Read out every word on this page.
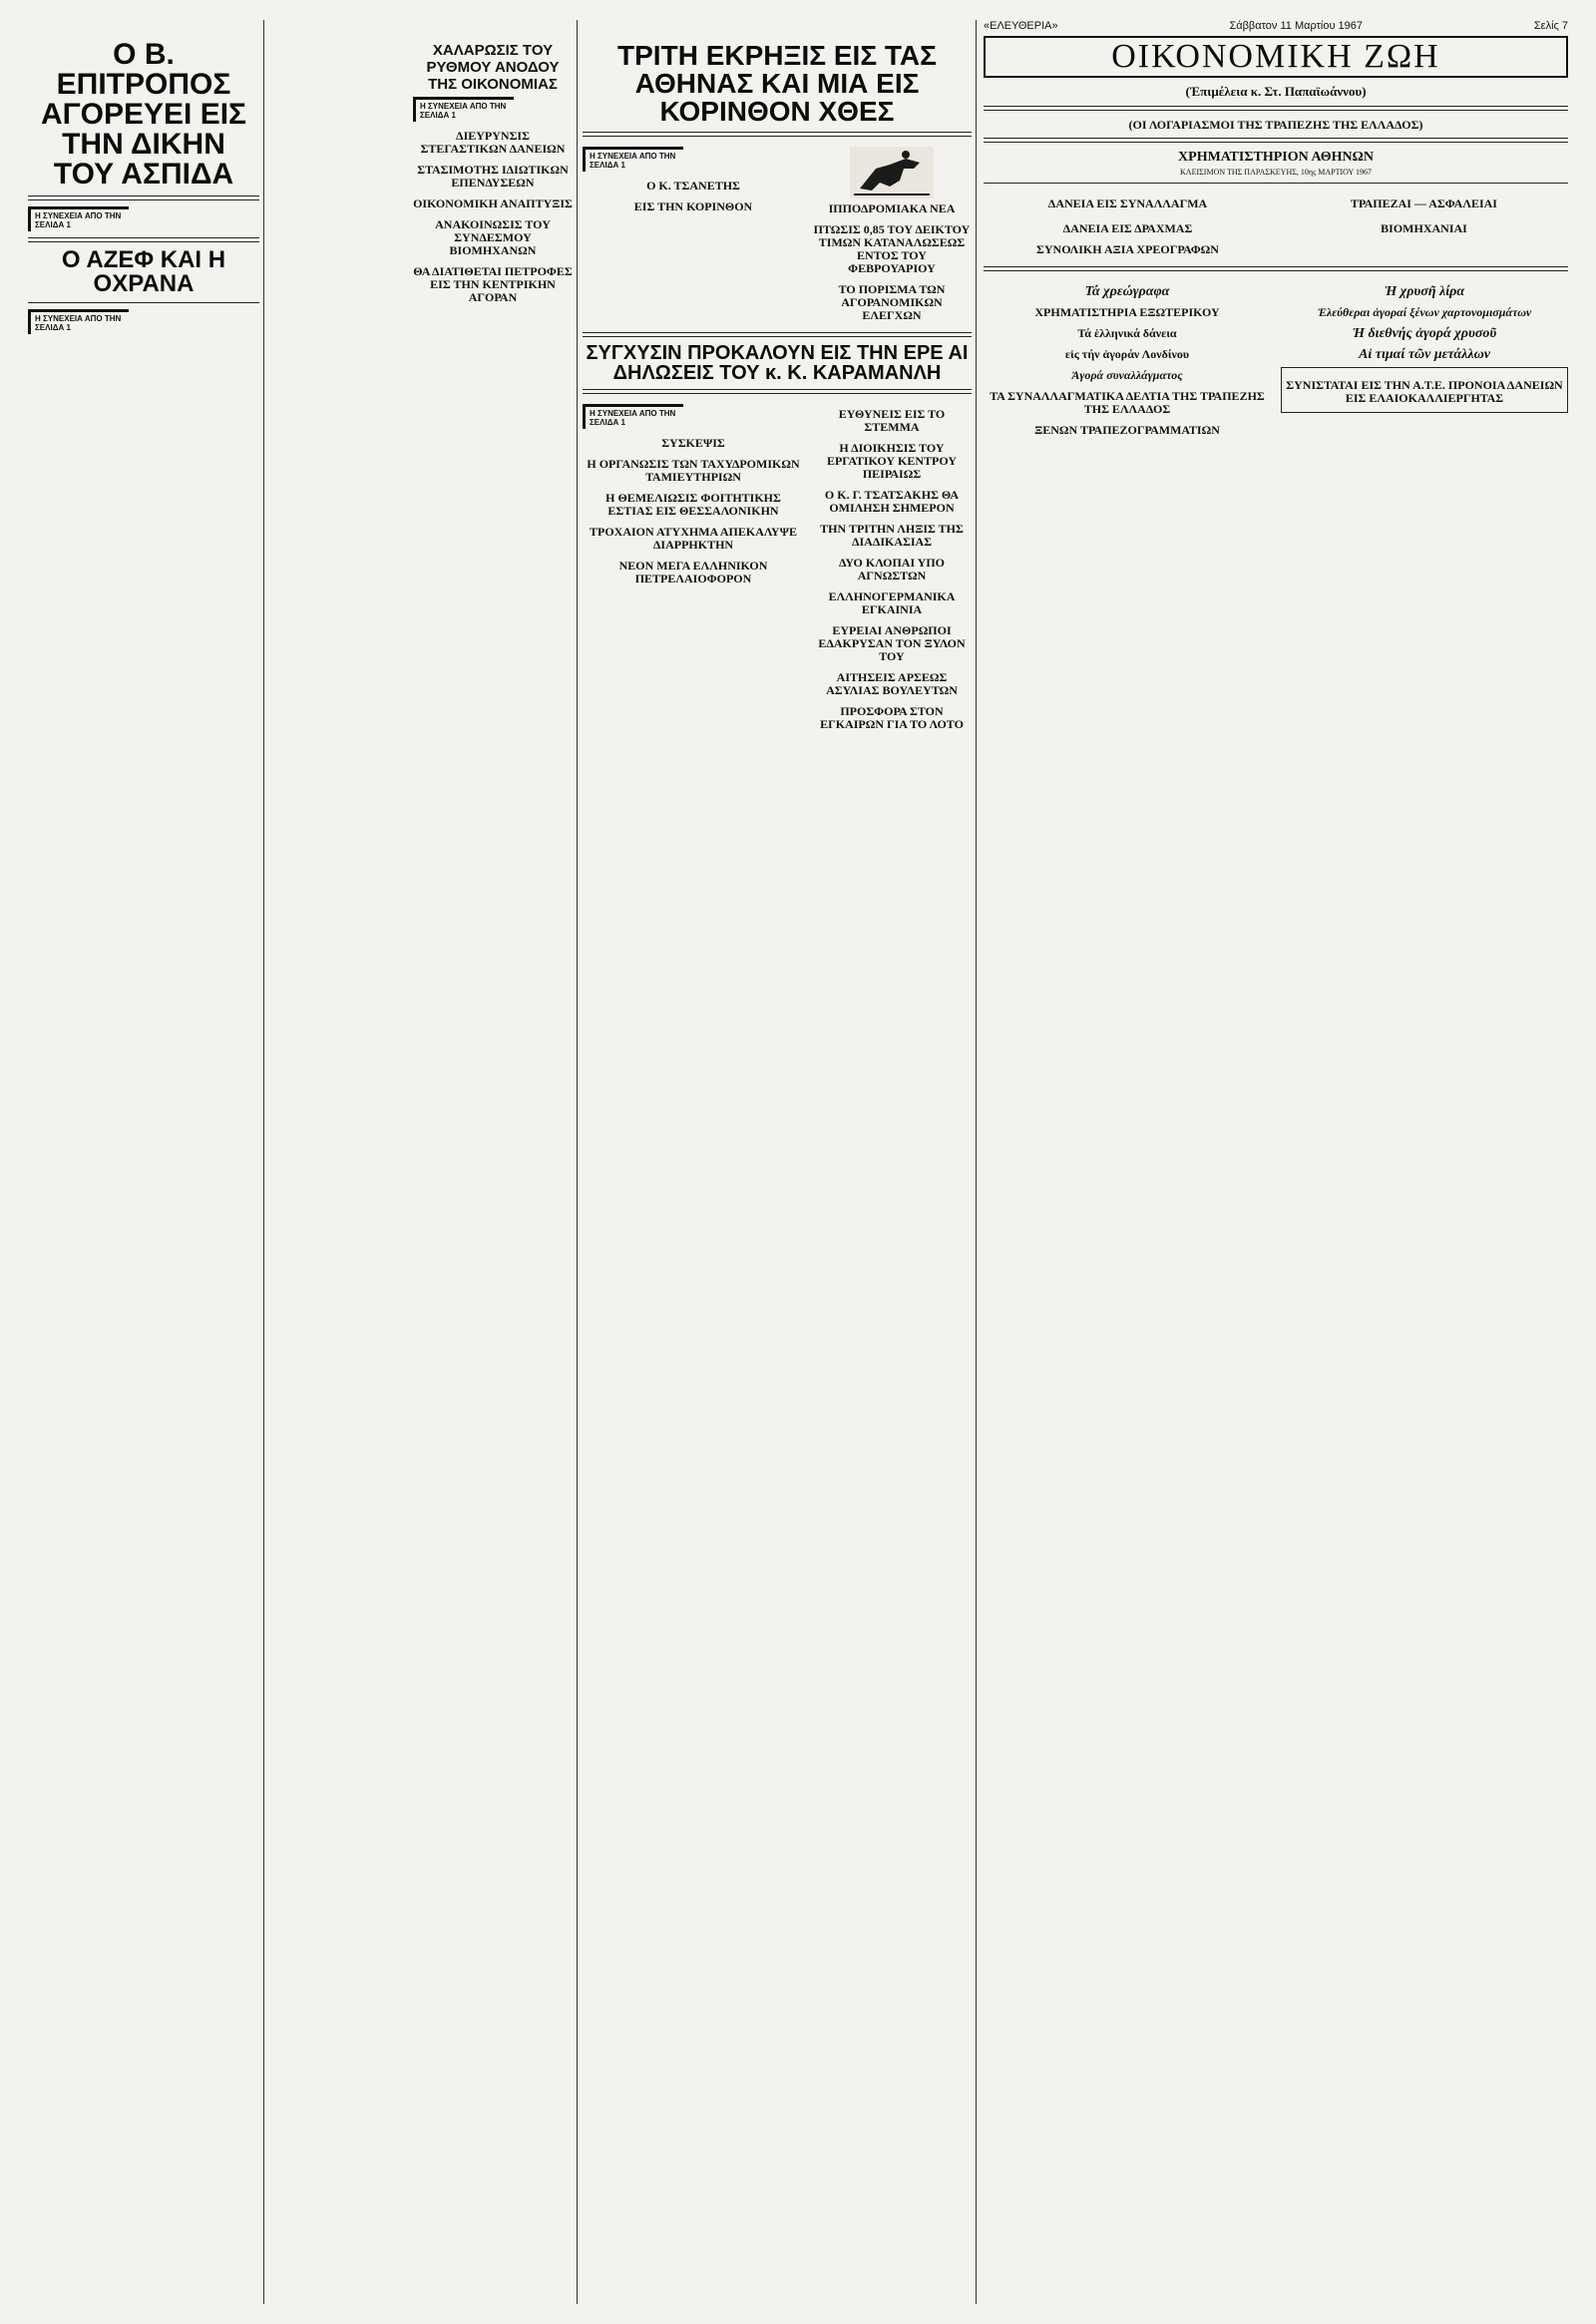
Ο Β. ΕΠΙΤΡΟΠΟΣ ΑΓΟΡΕΥΕΙ ΕΙΣ ΤΗΝ ΔΙΚΗΝ ΤΟΥ ΑΣΠΙΔΑ
Η ΣΥΝΕΧΕΙΑ ΑΠΟ ΤΗΝ ΣΕΛΙΔΑ 1

Ο ΑΖΕΦ ΚΑΙ Η ΟΧΡΑΝΑ
Η ΣΥΝΕΧΕΙΑ ΑΠΟ ΤΗΝ ΣΕΛΙΔΑ 1

ΧΑΛΑΡΩΣΙΣ ΤΟΥ ΡΥΘΜΟΥ ΑΝΟΔΟΥ ΤΗΣ ΟΙΚΟΝΟΜΙΑΣ
Η ΣΥΝΕΧΕΙΑ ΑΠΟ ΤΗΝ ΣΕΛΙΔΑ 1

ΔΙΕΥΡΥΝΣΙΣ ΣΤΕΓΑΣΤΙΚΩΝ ΔΑΝΕΙΩΝ

ΣΤΑΣΙΜΟΤΗΣ ΙΔΙΩΤΙΚΩΝ ΕΠΕΝΔΥΣΕΩΝ

ΟΙΚΟΝΟΜΙΚΗ ΑΝΑΠΤΥΞΙΣ

ΑΝΑΚΟΙΝΩΣΙΣ ΤΟΥ ΣΥΝΔΕΣΜΟΥ ΒΙΟΜΗΧΑΝΩΝ

ΘΑ ΔΙΑΤΙΘΕΤΑΙ ΠΕΤΡΟΦΕΣ ΕΙΣ ΤΗΝ ΚΕΝΤΡΙΚΗΝ ΑΓΟΡΑΝ

ΤΡΙΤΗ ΕΚΡΗΞΙΣ ΕΙΣ ΤΑΣ ΑΘΗΝΑΣ ΚΑΙ ΜΙΑ ΕΙΣ ΚΟΡΙΝΘΟΝ ΧΘΕΣ
Η ΣΥΝΕΧΕΙΑ ΑΠΟ ΤΗΝ ΣΕΛΙΔΑ 1

Ο Κ. ΤΣΑΝΕΤΗΣ

ΕΙΣ ΤΗΝ ΚΟΡΙΝΘΟΝ	ΙΠΠΟΔΡΟΜΙΑΚΑ ΝΕΑ

ΠΤΩΣΙΣ 0,85 ΤΟΥ ΔΕΙΚΤΟΥ ΤΙΜΩΝ ΚΑΤΑΝΑΛΩΣΕΩΣ ΕΝΤΟΣ ΤΟΥ ΦΕΒΡΟΥΑΡΙΟΥ

ΤΟ ΠΟΡΙΣΜΑ ΤΩΝ ΑΓΟΡΑΝΟΜΙΚΩΝ ΕΛΕΓΧΩΝ
ΣΥΓΧΥΣΙΝ ΠΡΟΚΑΛΟΥΝ ΕΙΣ ΤΗΝ ΕΡΕ ΑΙ ΔΗΛΩΣΕΙΣ ΤΟΥ κ. Κ. ΚΑΡΑΜΑΝΛΗ
Η ΣΥΝΕΧΕΙΑ ΑΠΟ ΤΗΝ ΣΕΛΙΔΑ 1

ΣΥΣΚΕΨΙΣ

Η ΟΡΓΑΝΩΣΙΣ ΤΩΝ ΤΑΧΥΔΡΟΜΙΚΩΝ ΤΑΜΙΕΥΤΗΡΙΩΝ

Η ΘΕΜΕΛΙΩΣΙΣ ΦΟΙΤΗΤΙΚΗΣ ΕΣΤΙΑΣ ΕΙΣ ΘΕΣΣΑΛΟΝΙΚΗΝ

ΤΡΟΧΑΙΟΝ ΑΤΥΧΗΜΑ ΑΠΕΚΑΛΥΨΕ ΔΙΑΡΡΗΚΤΗΝ

ΝΕΟΝ ΜΕΓΑ ΕΛΛΗΝΙΚΟΝ ΠΕΤΡΕΛΑΙΟΦΟΡΟΝ

ΕΥΘΥΝΕΙΣ ΕΙΣ ΤΟ ΣΤΕΜΜΑ

Η ΔΙΟΙΚΗΣΙΣ ΤΟΥ ΕΡΓΑΤΙΚΟΥ ΚΕΝΤΡΟΥ ΠΕΙΡΑΙΩΣ

Ο Κ. Γ. ΤΣΑΤΣΑΚΗΣ ΘΑ ΟΜΙΛΗΣΗ ΣΗΜΕΡΟΝ

ΤΗΝ ΤΡΙΤΗΝ ΛΗΞΙΣ ΤΗΣ ΔΙΑΔΙΚΑΣΙΑΣ

ΔΥΟ ΚΛΟΠΑΙ ΥΠΟ ΑΓΝΩΣΤΩΝ

ΕΛΛΗΝΟΓΕΡΜΑΝΙΚΑ ΕΓΚΑΙΝΙΑ
ΕΥΡΕΙΑΙ ΑΝΘΡΩΠΟΙ ΕΔΑΚΡΥΣΑΝ ΤΟΝ ΞΥΛΟΝ ΤΟΥ
ΑΙΤΗΣΕΙΣ ΑΡΣΕΩΣ ΑΣΥΛΙΑΣ ΒΟΥΛΕΥΤΩΝ
ΠΡΟΣΦΟΡΑ ΣΤΟΝ ΕΓΚΑΙΡΩΝ ΓΙΑ ΤΟ ΛΟΤΟ
«ΕΛΕΥΘΕΡΙΑ»	Σάββατον 11 Μαρτίου 1967	Σελίς 7
ΟΙΚΟΝΟΜΙΚΗ ΖΩΗ
(Ἐπιμέλεια κ. Στ. Παπαϊωάννου)
(ΟΙ ΛΟΓΑΡΙΑΣΜΟΙ ΤΗΣ ΤΡΑΠΕΖΗΣ ΤΗΣ ΕΛΛΑΔΟΣ)

ΧΡΗΜΑΤΙΣΤΗΡΙΟΝ ΑΘΗΝΩΝ
ΚΛΕΙΣΙΜΟΝ ΤΗΣ ΠΑΡΑΣΚΕΥΗΣ, 10ης ΜΑΡΤΙΟΥ 1967
ΔΑΝΕΙΑ ΕΙΣ ΣΥΝΑΛΛΑΓΜΑ
ΔΑΝΕΙΑ ΕΙΣ ΔΡΑΧΜΑΣ
ΣΥΝΟΛΙΚΗ ΑΞΙΑ ΧΡΕΟΓΡΑΦΩΝ
ΤΡΑΠΕΖΑΙ — ΑΣΦΑΛΕΙΑΙ
ΒΙΟΜΗΧΑΝΙΑΙ
Τά χρεώγραφα

ΧΡΗΜΑΤΙΣΤΗΡΙΑ ΕΞΩΤΕΡΙΚΟΥ
Τά ἑλληνικά δάνεια
εἰς τήν ἀγοράν Λονδίνου
Ἀγορά συναλλάγματος

ΤΑ ΣΥΝΑΛΛΑΓΜΑΤΙΚΑ ΔΕΛΤΙΑ ΤΗΣ ΤΡΑΠΕΖΗΣ ΤΗΣ ΕΛΛΑΔΟΣ
ΞΕΝΩΝ ΤΡΑΠΕΖΟΓΡΑΜΜΑΤΙΩΝ
Ἡ χρυσῆ λίρα

Ἐλεύθεραι ἀγοραί ξένων χαρτονομισμάτων

Ἡ διεθνής ἀγορά χρυσοῦ

Αἱ τιμαί τῶν μετάλλων

ΣΥΝΙΣΤΑΤΑΙ ΕΙΣ ΤΗΝ Α.Τ.Ε. ΠΡΟΝΟΙΑ ΔΑΝΕΙΩΝ ΕΙΣ ΕΛΑΙΟΚΑΛΛΙΕΡΓΗΤΑΣ
